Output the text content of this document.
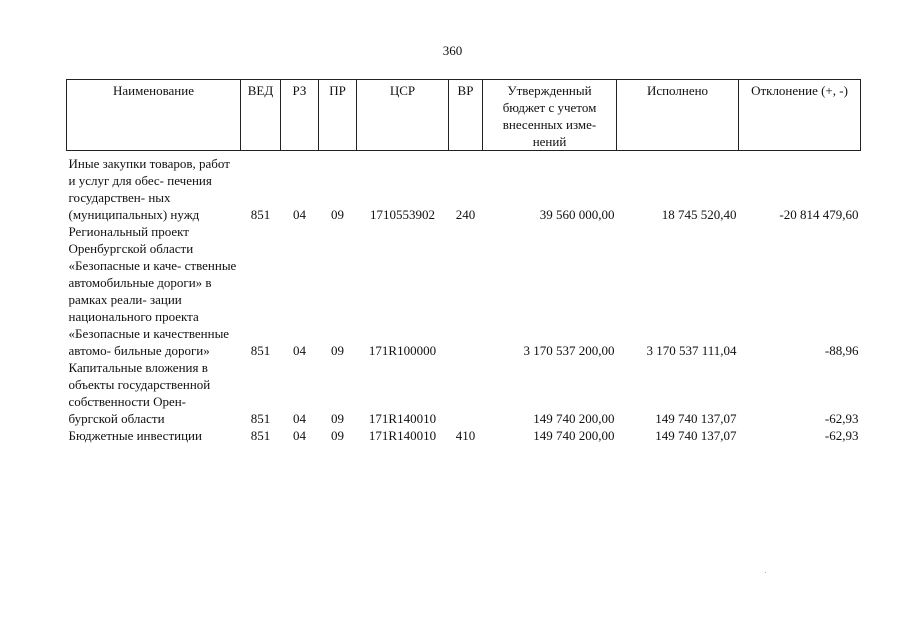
360
Наименование	ВЕД	РЗ	ПР	ЦСР	ВР	Утвержденный бюджет с учетом внесенных изме- нений	Исполнено	Отклонение (+, -)
Иные закупки товаров, работ и услуг для обес- печения государствен- ных (муниципальных) нужд	851	04	09	1710553902	240	39 560 000,00	18 745 520,40	-20 814 479,60
Региональный проект Оренбургской области «Безопасные и каче- ственные автомобильные дороги» в рамках реали- зации национального проекта «Безопасные и качественные автомо- бильные дороги»	851	04	09	171R100000		3 170 537 200,00	3 170 537 111,04	-88,96
Капитальные вложения в объекты государственной собственности Орен- бургской области	851	04	09	171R140010		149 740 200,00	149 740 137,07	-62,93
Бюджетные инвестиции	851	04	09	171R140010	410	149 740 200,00	149 740 137,07	-62,93
